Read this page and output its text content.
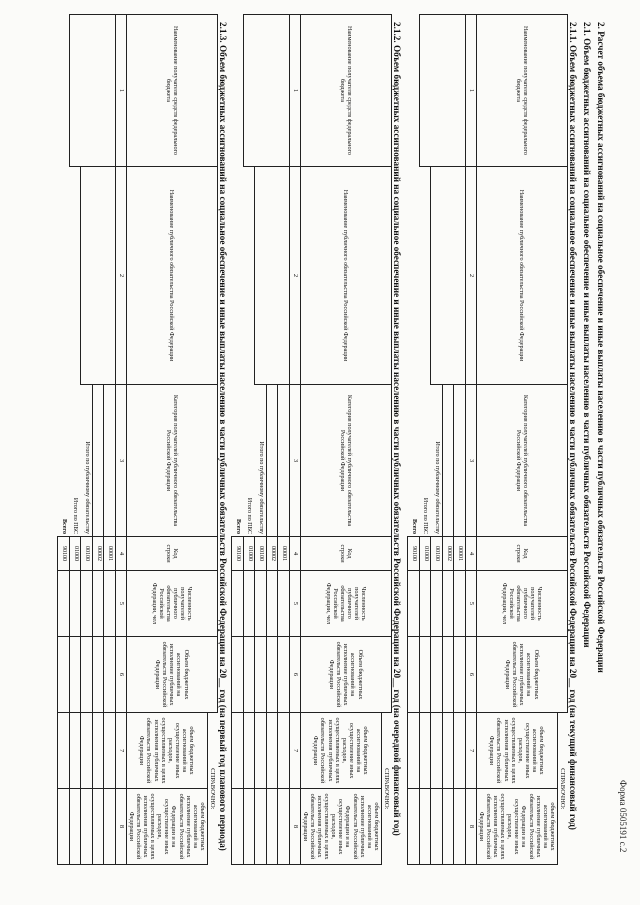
Форма 0505191 с.2
2. Расчет объема бюджетных ассигнований на социальное обеспечение и иные выплаты населению в части публичных обязательств Российской Федерации
2.1. Объем бюджетных ассигнований на социальное обеспечение и иные выплаты населению в части публичных обязательств Российской Федерации
2.1.1. Объем бюджетных ассигнований на социальное обеспечение и иные выплаты населению в части публичных обязательств Российской Федерации на 20__ год (на текущий финансовый год)
Наименование получателя средств федерального бюджета	Наименование публичного обязательства Российской Федерации	Категория получателей публичного обязательства Российской Федерации	Код строки	Численность получателей публичного обязательства Российской Федерации, чел	Объем бюджетных ассигнований на исполнение публичных обязательств Российской Федерации	СПРАВОЧНО:	
						объем бюджетных ассигнований на осуществление иных расходов, осуществляемых в целях исполнения публичных обязательств Российской Федерации	объем бюджетных ассигнований на исполнение публичных обязательств Российской Федерации и на осуществление иных расходов, осуществляемых в целях исполнения публичных обязательств Российской Федерации
1	2	3	4	5	6	7	8
			00001				
			00002				
		Итого по публичному обязательству	00100				
	Итого по ПБС		01000				
Всего			90100				
2.1.2. Объем бюджетных ассигнований на социальное обеспечение и иные выплаты населению в части публичных обязательств Российской Федерации на 20__ год (на очередной финансовый год)
Наименование получателя средств федерального бюджета	Наименование публичного обязательства Российской Федерации	Категория получателей публичного обязательства Российской Федерации	Код строки	Численность получателей публичного обязательства Российской Федерации, чел	Объем бюджетных ассигнований на исполнение публичных обязательств Российской Федерации	СПРАВОЧНО:	
						объем бюджетных ассигнований на осуществление иных расходов, осуществляемых в целях исполнения публичных обязательств Российской Федерации	объем бюджетных ассигнований на исполнение публичных обязательств Российской Федерации и на осуществление иных расходов, осуществляемых в целях исполнения публичных обязательств Российской Федерации
1	2	3	4	5	6	7	8
			00001				
			00002				
		Итого по публичному обязательству	00100				
	Итого по ПБС		01000				
Всего			90100				
2.1.3. Объем бюджетных ассигнований на социальное обеспечение и иные выплаты населению в части публичных обязательств Российской Федерации на 20__ год (на первый год планового периода)
Наименование получателя средств федерального бюджета	Наименование публичного обязательства Российской Федерации	Категория получателей публичного обязательства Российской Федерации	Код строки	Численность получателей публичного обязательства Российской Федерации, чел	Объем бюджетных ассигнований на исполнение публичных обязательств Российской Федерации	СПРАВОЧНО:	
						объем бюджетных ассигнований на осуществление иных расходов, осуществляемых в целях исполнения публичных обязательств Российской Федерации	объем бюджетных ассигнований на исполнение публичных обязательств Российской Федерации и на осуществление иных расходов, осуществляемых в целях исполнения публичных обязательств Российской Федерации
1	2	3	4	5	6	7	8
			00001				
			00002				
		Итого по публичному обязательству	00100				
	Итого по ПБС		01000				
Всего			90100				
